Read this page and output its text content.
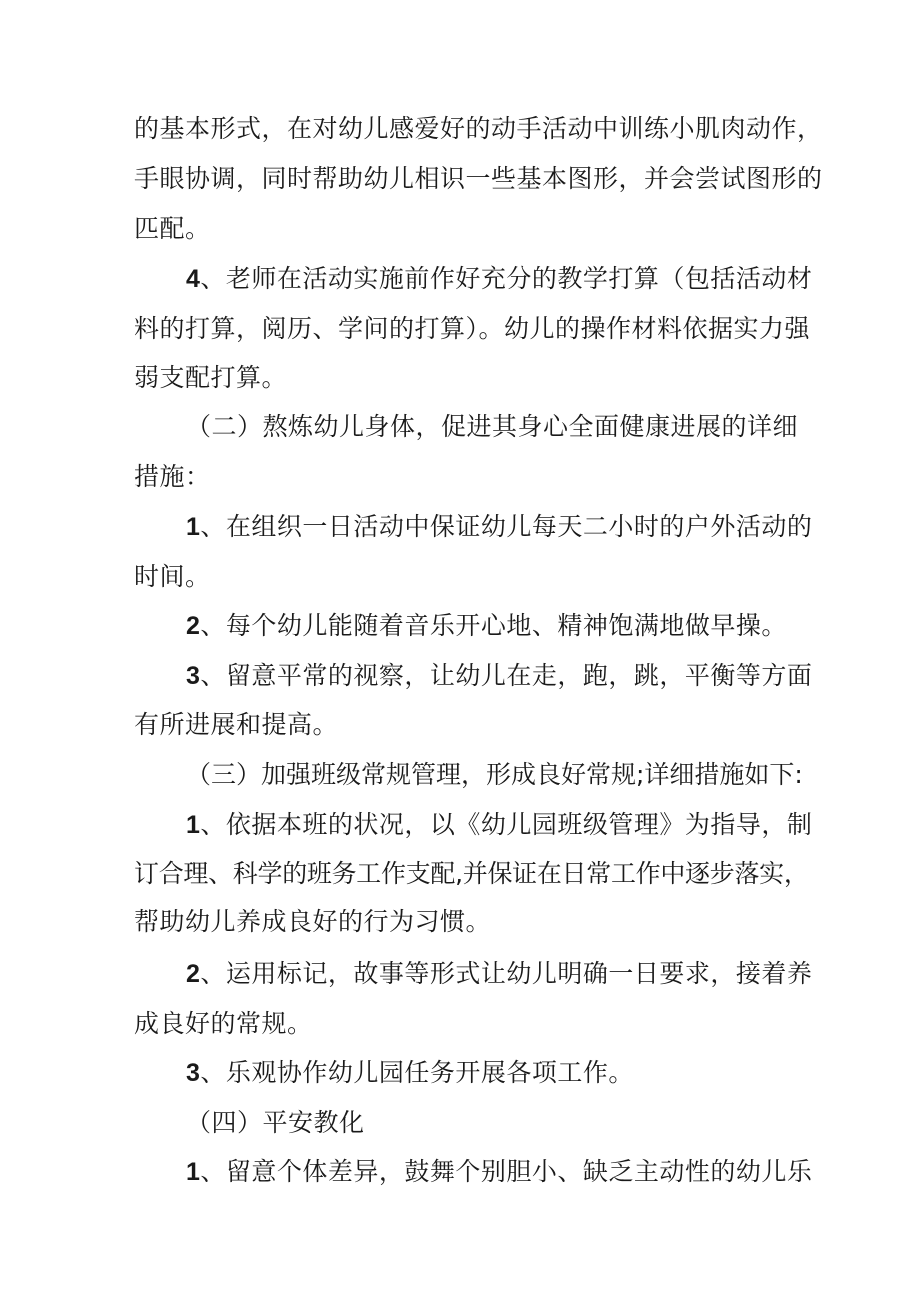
的基本形式，在对幼儿感爱好的动手活动中训练小肌肉动作，
手眼协调，同时帮助幼儿相识一些基本图形，并会尝试图形的
匹配。
4、老师在活动实施前作好充分的教学打算（包括活动材
料的打算，阅历、学问的打算）。幼儿的操作材料依据实力强
弱支配打算。
（二）熬炼幼儿身体，促进其身心全面健康进展的详细
措施：
1、在组织一日活动中保证幼儿每天二小时的户外活动的
时间。
2、每个幼儿能随着音乐开心地、精神饱满地做早操。
3、留意平常的视察，让幼儿在走，跑，跳，平衡等方面
有所进展和提高。
（三）加强班级常规管理，形成良好常规;详细措施如下:
1、依据本班的状况，以《幼儿园班级管理》为指导，制
订合理、科学的班务工作支配,并保证在日常工作中逐步落实，
帮助幼儿养成良好的行为习惯。
2、运用标记，故事等形式让幼儿明确一日要求，接着养
成良好的常规。
3、乐观协作幼儿园任务开展各项工作。
（四）平安教化
1、留意个体差异，鼓舞个别胆小、缺乏主动性的幼儿乐
